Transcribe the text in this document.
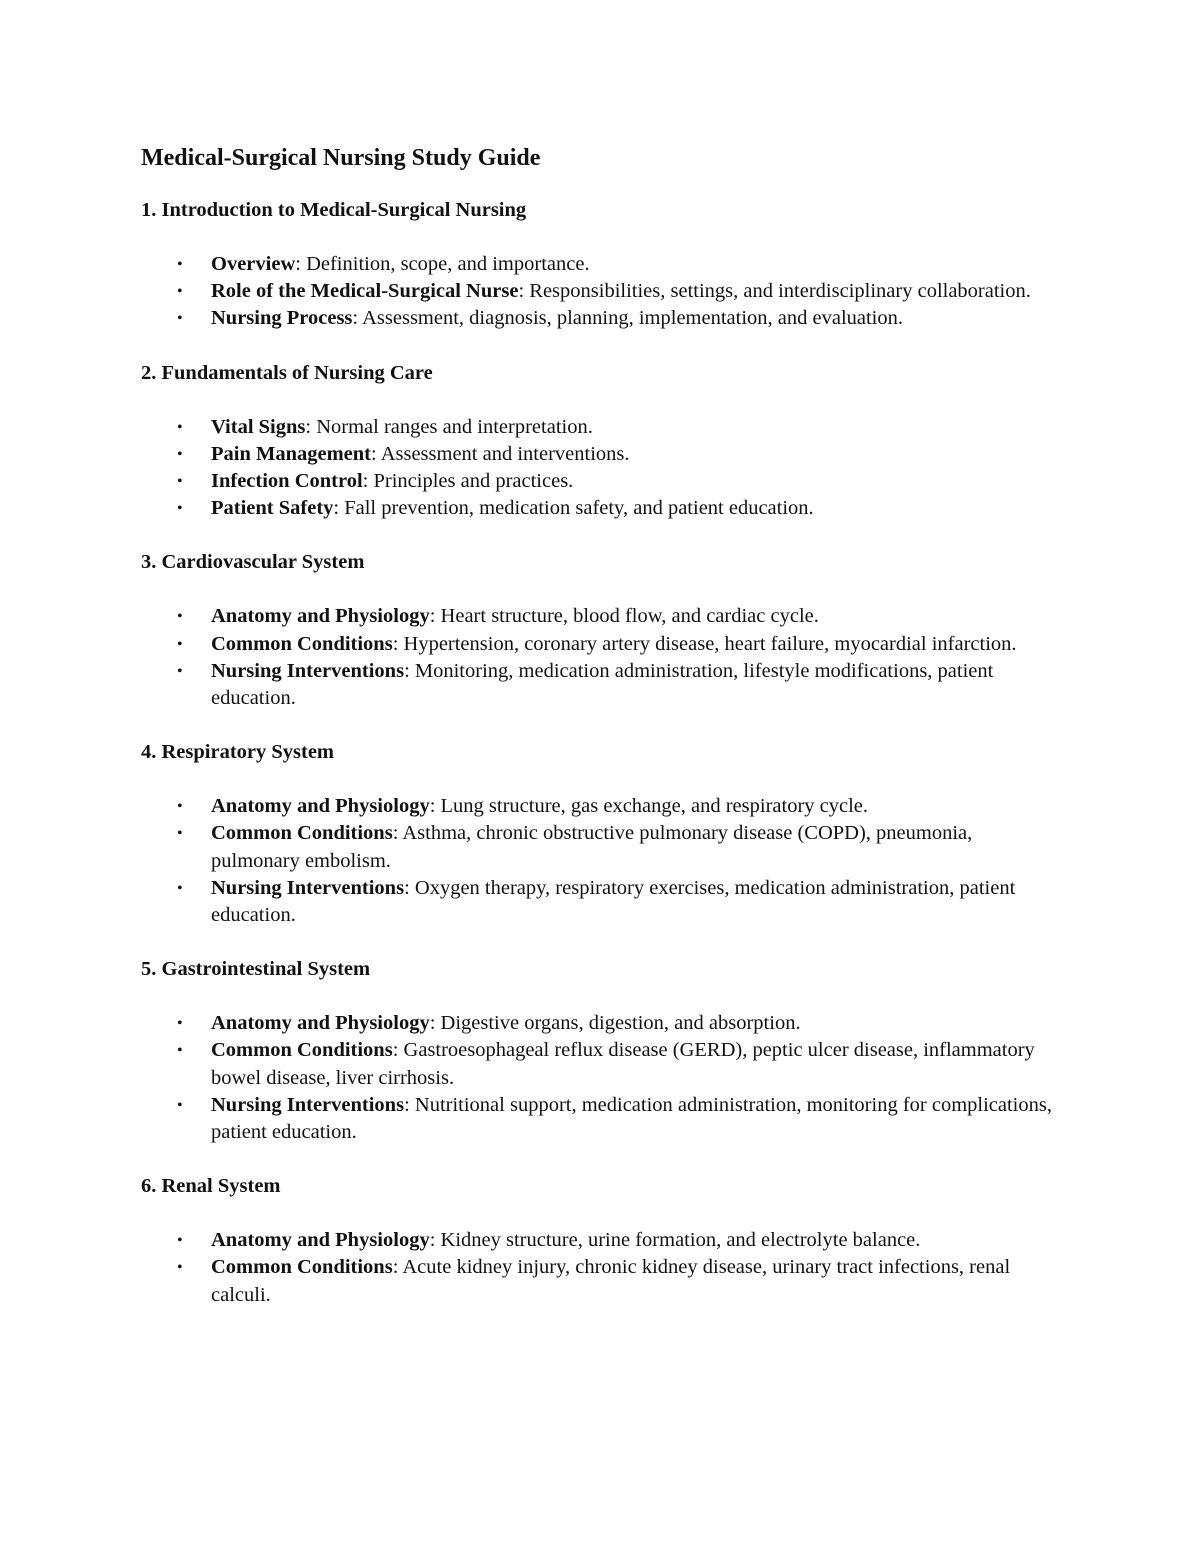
Medical-Surgical Nursing Study Guide
1. Introduction to Medical-Surgical Nursing
• Overview: Definition, scope, and importance.
• Role of the Medical-Surgical Nurse: Responsibilities, settings, and interdisciplinary collaboration.
• Nursing Process: Assessment, diagnosis, planning, implementation, and evaluation.
2. Fundamentals of Nursing Care
• Vital Signs: Normal ranges and interpretation.
• Pain Management: Assessment and interventions.
• Infection Control: Principles and practices.
• Patient Safety: Fall prevention, medication safety, and patient education.
3. Cardiovascular System
• Anatomy and Physiology: Heart structure, blood flow, and cardiac cycle.
• Common Conditions: Hypertension, coronary artery disease, heart failure, myocardial infarction.
• Nursing Interventions: Monitoring, medication administration, lifestyle modifications, patient education.
4. Respiratory System
• Anatomy and Physiology: Lung structure, gas exchange, and respiratory cycle.
• Common Conditions: Asthma, chronic obstructive pulmonary disease (COPD), pneumonia, pulmonary embolism.
• Nursing Interventions: Oxygen therapy, respiratory exercises, medication administration, patient education.
5. Gastrointestinal System
• Anatomy and Physiology: Digestive organs, digestion, and absorption.
• Common Conditions: Gastroesophageal reflux disease (GERD), peptic ulcer disease, inflammatory bowel disease, liver cirrhosis.
• Nursing Interventions: Nutritional support, medication administration, monitoring for complications, patient education.
6. Renal System
• Anatomy and Physiology: Kidney structure, urine formation, and electrolyte balance.
• Common Conditions: Acute kidney injury, chronic kidney disease, urinary tract infections, renal calculi.
